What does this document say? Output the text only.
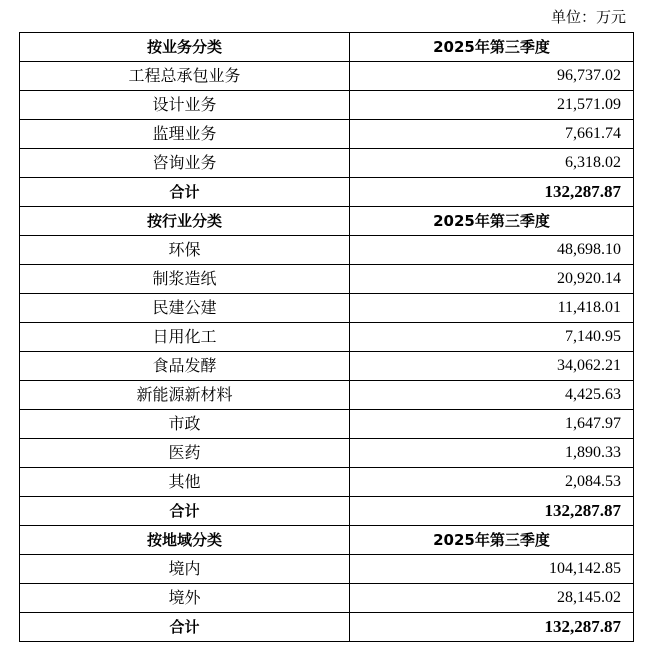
单位：万元
按业务分类	2025年第三季度
工程总承包业务	96,737.02
设计业务	21,571.09
监理业务	7,661.74
咨询业务	6,318.02
合计	132,287.87
按行业分类	2025年第三季度
环保	48,698.10
制浆造纸	20,920.14
民建公建	11,418.01
日用化工	7,140.95
食品发酵	34,062.21
新能源新材料	4,425.63
市政	1,647.97
医药	1,890.33
其他	2,084.53
合计	132,287.87
按地域分类	2025年第三季度
境内	104,142.85
境外	28,145.02
合计	132,287.87
